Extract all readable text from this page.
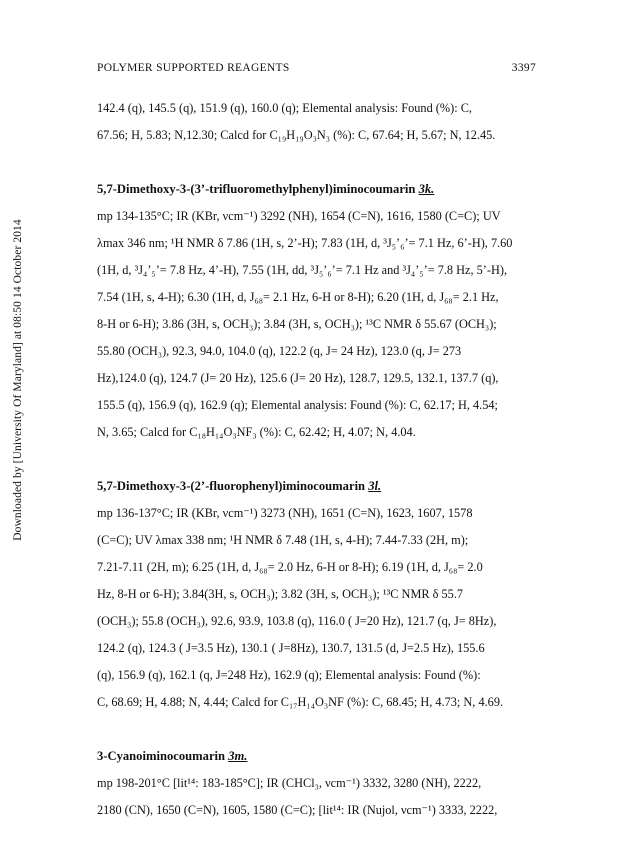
Downloaded by [University Of Maryland] at 08:50 14 October 2014
POLYMER SUPPORTED REAGENTS	3397
142.4 (q), 145.5 (q), 151.9 (q), 160.0 (q); Elemental analysis: Found (%): C,
67.56; H, 5.83; N,12.30; Calcd for C₁₉H₁₉O₃N₃ (%): C, 67.64; H, 5.67; N, 12.45.
5,7-Dimethoxy-3-(3’-trifluoromethylphenyl)iminocoumarin 3k.
mp 134-135°C; IR (KBr, νcm⁻¹) 3292 (NH), 1654 (C=N), 1616, 1580 (C=C); UV
λmax 346 nm; ¹H NMR δ 7.86 (1H, s, 2’-H); 7.83 (1H, d, ³J₅’₆’= 7.1 Hz, 6’-H), 7.60
(1H, d, ³J₄’₅’= 7.8 Hz, 4’-H), 7.55 (1H, dd, ³J₅’₆’= 7.1 Hz and ³J₄’₅’= 7.8 Hz, 5’-H),
7.54 (1H, s, 4-H); 6.30 (1H, d, J₆₈= 2.1 Hz, 6-H or 8-H); 6.20 (1H, d, J₆₈= 2.1 Hz,
8-H or 6-H); 3.86 (3H, s, OCH₃); 3.84 (3H, s, OCH₃); ¹³C NMR δ 55.67 (OCH₃);
55.80 (OCH₃), 92.3, 94.0, 104.0 (q), 122.2 (q, J= 24 Hz), 123.0 (q, J= 273
Hz),124.0 (q), 124.7 (J= 20 Hz), 125.6 (J= 20 Hz), 128.7, 129.5, 132.1, 137.7 (q),
155.5 (q), 156.9 (q), 162.9 (q); Elemental analysis: Found (%): C, 62.17; H, 4.54;
N, 3.65; Calcd for C₁₈H₁₄O₃NF₃ (%): C, 62.42; H, 4.07; N, 4.04.
5,7-Dimethoxy-3-(2’-fluorophenyl)iminocoumarin 3l.
mp 136-137°C; IR (KBr, νcm⁻¹) 3273 (NH), 1651 (C=N), 1623, 1607, 1578
(C=C); UV λmax 338 nm; ¹H NMR δ 7.48 (1H, s, 4-H); 7.44-7.33 (2H, m);
7.21-7.11 (2H, m); 6.25 (1H, d, J₆₈= 2.0 Hz, 6-H or 8-H); 6.19 (1H, d, J₆₈= 2.0
Hz, 8-H or 6-H); 3.84(3H, s, OCH₃); 3.82 (3H, s, OCH₃); ¹³C NMR δ 55.7
(OCH₃); 55.8 (OCH₃), 92.6, 93.9, 103.8 (q), 116.0 ( J=20 Hz), 121.7 (q, J= 8Hz),
124.2 (q), 124.3 ( J=3.5 Hz), 130.1 ( J=8Hz), 130.7, 131.5 (d, J=2.5 Hz), 155.6
(q), 156.9 (q), 162.1 (q, J=248 Hz), 162.9 (q); Elemental analysis: Found (%):
C, 68.69; H, 4.88; N, 4.44; Calcd for C₁₇H₁₄O₃NF (%): C, 68.45; H, 4.73; N, 4.69.
3-Cyanoiminocoumarin 3m.
mp 198-201°C [lit¹⁴: 183-185°C]; IR (CHCl₃, νcm⁻¹) 3332, 3280 (NH), 2222,
2180 (CN), 1650 (C=N), 1605, 1580 (C=C); [lit¹⁴: IR (Nujol, νcm⁻¹) 3333, 2222,
